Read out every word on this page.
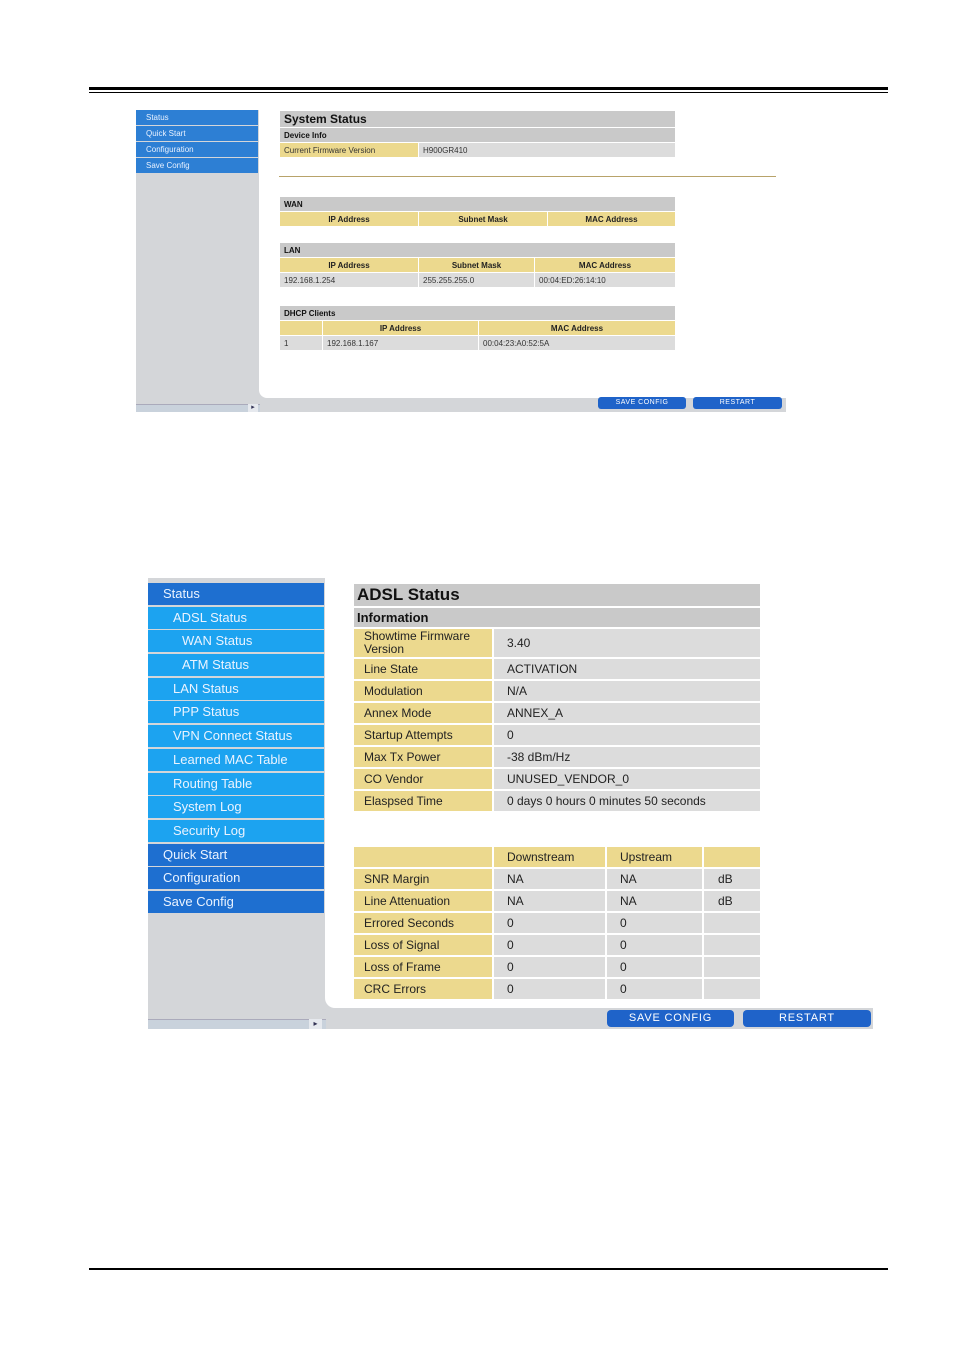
Status
Quick Start
Configuration
Save Config
System Status
Device Info
Current Firmware Version	H900GR410
WAN
IP Address	Subnet Mask	MAC Address
LAN		
IP Address	Subnet Mask	MAC Address
192.168.1.254	255.255.255.0	00:04:ED:26:14:10
DHCP Clients		
	IP Address	MAC Address
1	192.168.1.167	00:04:23:A0:52:5A
▸
SAVE CONFIG	RESTART
Status
ADSL Status
WAN Status
ATM Status
LAN Status
PPP Status
VPN Connect Status
Learned MAC Table
Routing Table
System Log
Security Log
Quick Start
Configuration
Save Config
ADSL Status	
Information	
Showtime Firmware Version	3.40
Line State	ACTIVATION
Modulation	N/A
Annex Mode	ANNEX_A
Startup Attempts	0
Max Tx Power	-38 dBm/Hz
CO Vendor	UNUSED_VENDOR_0
Elaspsed Time	0 days 0 hours 0 minutes 50 seconds
	Downstream	Upstream	
SNR Margin	NA	NA	dB
Line Attenuation	NA	NA	dB
Errored Seconds	0	0	
Loss of Signal	0	0	
Loss of Frame	0	0	
CRC Errors	0	0	
▸	SAVE CONFIG	RESTART
